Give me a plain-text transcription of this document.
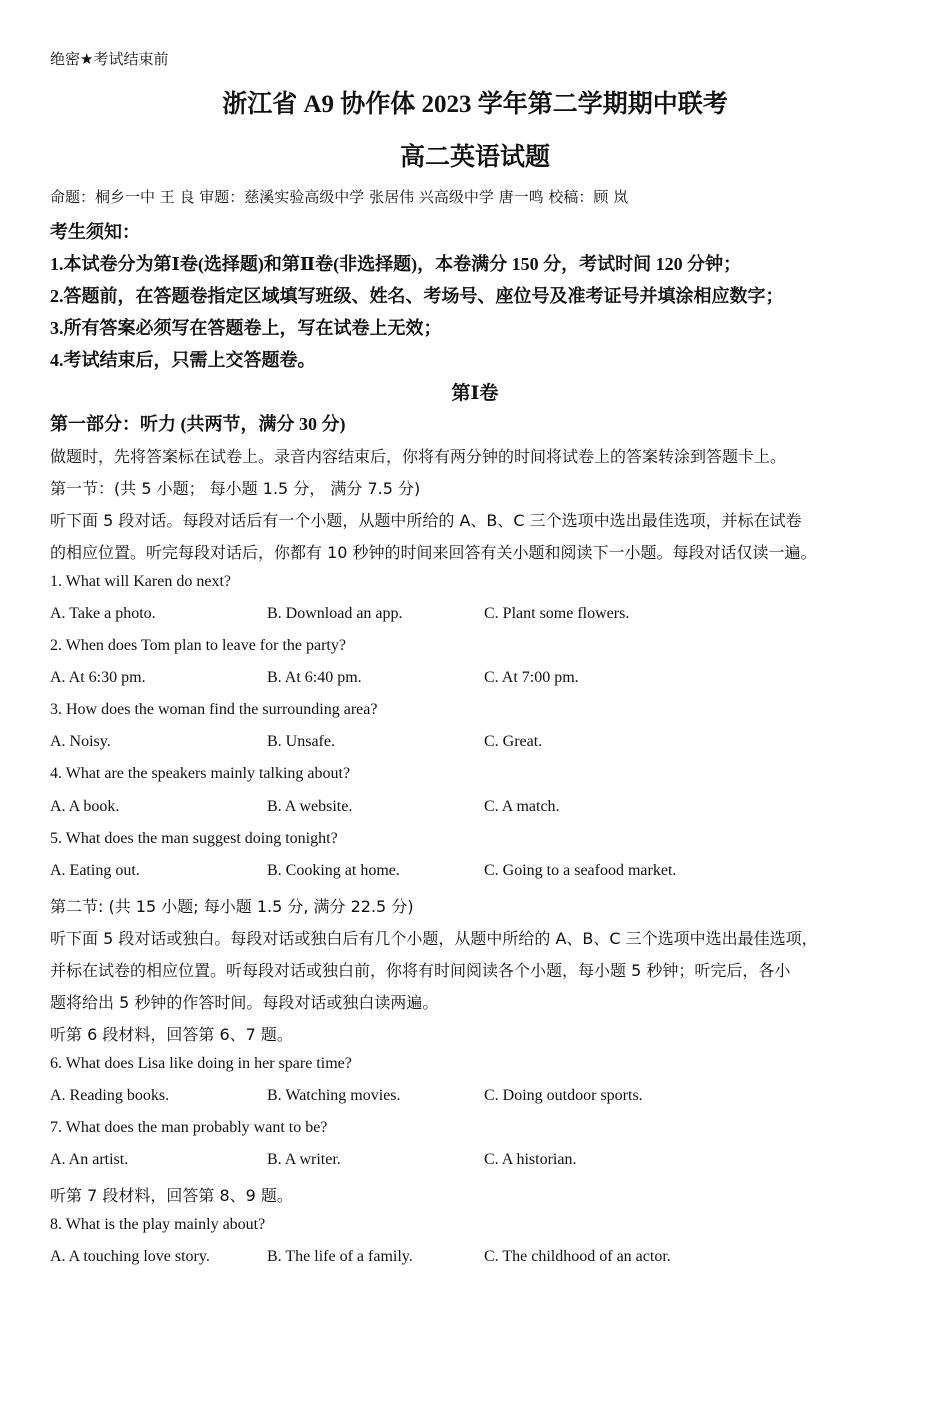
绝密★考试结束前
浙江省 A9 协作体 2023 学年第二学期期中联考
高二英语试题
命题：桐乡一中 王 良 审题：慈溪实验高级中学 张居伟 兴高级中学 唐一鸣 校稿：顾 岚
考生须知：
1.本试卷分为第Ⅰ卷(选择题)和第Ⅱ卷(非选择题)，本卷满分 150 分，考试时间 120 分钟；
2.答题前，在答题卷指定区域填写班级、姓名、考场号、座位号及准考证号并填涂相应数字；
3.所有答案必须写在答题卷上，写在试卷上无效；
4.考试结束后，只需上交答题卷。
第Ⅰ卷
第一部分：听力 (共两节，满分 30 分)
做题时，先将答案标在试卷上。录音内容结束后，你将有两分钟的时间将试卷上的答案转涂到答题卡上。
第一节：(共 5 小题； 每小题 1.5 分， 满分 7.5 分)
听下面 5 段对话。每段对话后有一个小题，从题中所给的 A、B、C 三个选项中选出最佳选项，并标在试卷
的相应位置。听完每段对话后，你都有 10 秒钟的时间来回答有关小题和阅读下一小题。每段对话仅读一遍。
1. What will Karen do next?
A. Take a photo.	B. Download an app.	C. Plant some flowers.
2. When does Tom plan to leave for the party?
A. At 6:30 pm.	B. At 6:40 pm.	C. At 7:00 pm.
3. How does the woman find the surrounding area?
A. Noisy.	B. Unsafe.	C. Great.
4. What are the speakers mainly talking about?
A. A book.	B. A website.	C. A match.
5. What does the man suggest doing tonight?
A. Eating out.	B. Cooking at home.	C. Going to a seafood market.
第二节: (共 15 小题; 每小题 1.5 分, 满分 22.5 分)
听下面 5 段对话或独白。每段对话或独白后有几个小题，从题中所给的 A、B、C 三个选项中选出最佳选项，
并标在试卷的相应位置。听每段对话或独白前，你将有时间阅读各个小题，每小题 5 秒钟；听完后，各小
题将给出 5 秒钟的作答时间。每段对话或独白读两遍。
听第 6 段材料，回答第 6、7 题。
6. What does Lisa like doing in her spare time?
A. Reading books.	B. Watching movies.	C. Doing outdoor sports.
7. What does the man probably want to be?
A. An artist.	B. A writer.	C. A historian.
听第 7 段材料，回答第 8、9 题。
8. What is the play mainly about?
A. A touching love story.	B. The life of a family.	C. The childhood of an actor.
